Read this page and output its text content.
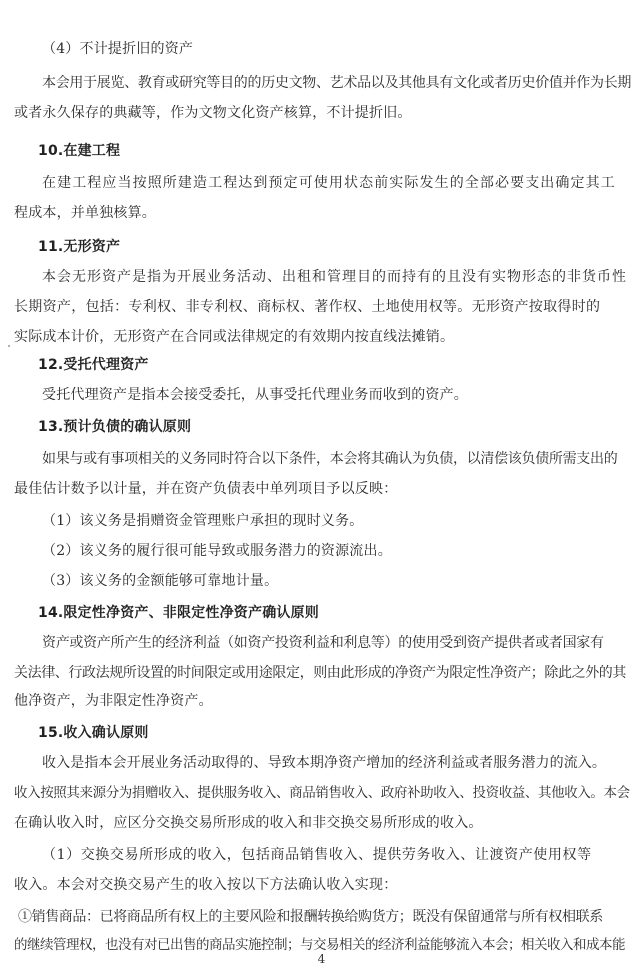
（4）不计提折旧的资产
本会用于展览、教育或研究等目的的历史文物、艺术品以及其他具有文化或者历史价值并作为长期
或者永久保存的典藏等，作为文物文化资产核算，不计提折旧。
10.在建工程
在建工程应当按照所建造工程达到预定可使用状态前实际发生的全部必要支出确定其工
程成本，并单独核算。
11.无形资产
本会无形资产是指为开展业务活动、出租和管理目的而持有的且没有实物形态的非货币性
长期资产，包括：专利权、非专利权、商标权、著作权、土地使用权等。无形资产按取得时的
实际成本计价，无形资产在合同或法律规定的有效期内按直线法摊销。
12.受托代理资产
受托代理资产是指本会接受委托，从事受托代理业务而收到的资产。
13.预计负债的确认原则
如果与或有事项相关的义务同时符合以下条件，本会将其确认为负债，以清偿该负债所需支出的
最佳估计数予以计量，并在资产负债表中单列项目予以反映：
（1）该义务是捐赠资金管理账户承担的现时义务。
（2）该义务的履行很可能导致或服务潜力的资源流出。
（3）该义务的金额能够可靠地计量。
14.限定性净资产、非限定性净资产确认原则
资产或资产所产生的经济利益（如资产投资利益和利息等）的使用受到资产提供者或者国家有
关法律、行政法规所设置的时间限定或用途限定，则由此形成的净资产为限定性净资产；除此之外的其
他净资产，为非限定性净资产。
15.收入确认原则
收入是指本会开展业务活动取得的、导致本期净资产增加的经济利益或者服务潜力的流入。
收入按照其来源分为捐赠收入、提供服务收入、商品销售收入、政府补助收入、投资收益、其他收入。本会
在确认收入时，应区分交换交易所形成的收入和非交换交易所形成的收入。
（1）交换交易所形成的收入，包括商品销售收入、提供劳务收入、让渡资产使用权等
收入。本会对交换交易产生的收入按以下方法确认收入实现：
①销售商品：已将商品所有权上的主要风险和报酬转换给购货方；既没有保留通常与所有权相联系
的继续管理权，也没有对已出售的商品实施控制；与交易相关的经济利益能够流入本会；相关收入和成本能
4
